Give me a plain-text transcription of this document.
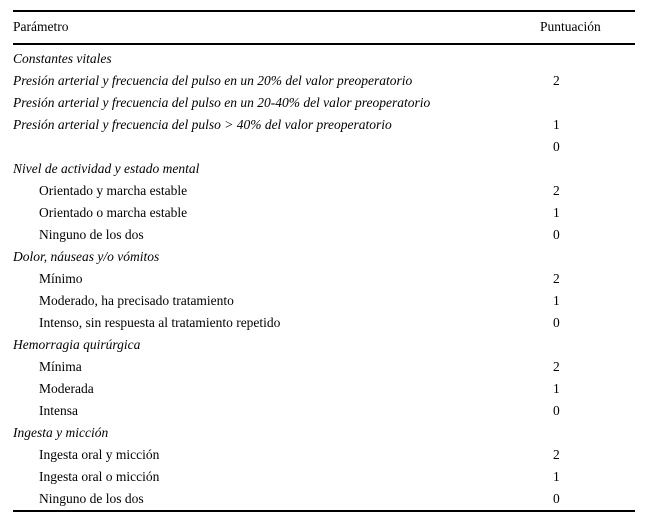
Parámetro	Puntuación
Constantes vitales	
Presión arterial y frecuencia del pulso en un 20% del valor preoperatorio	2
Presión arterial y frecuencia del pulso en un 20-40% del valor preoperatorio	
Presión arterial y frecuencia del pulso > 40% del valor preoperatorio	1
	0
Nivel de actividad y estado mental	
Orientado y marcha estable	2
Orientado o marcha estable	1
Ninguno de los dos	0
Dolor, náuseas y/o vómitos	
Mínimo	2
Moderado, ha precisado tratamiento	1
Intenso, sin respuesta al tratamiento repetido	0
Hemorragia quirúrgica	
Mínima	2
Moderada	1
Intensa	0
Ingesta y micción	
Ingesta oral y micción	2
Ingesta oral o micción	1
Ninguno de los dos	0
